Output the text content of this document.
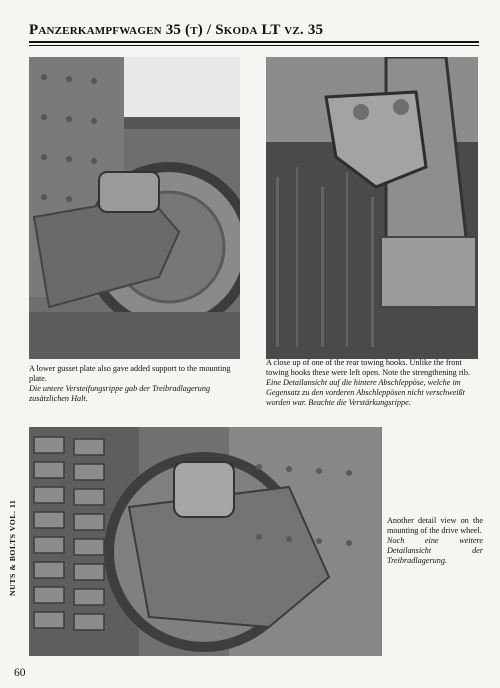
Panzerkampfwagen 35 (t) / Skoda LT vz. 35
A lower gusset plate also gave added support to the mounting plate.
Die untere Versteifungsrippe gab der Treibradlagerung zusätzlichen Halt.
A close up of one of the rear towing hooks. Unlike the front towing hooks these were left open. Note the strengthening rib.
Eine Detailansicht auf die hintere Abschleppöse, welche im Gegensatz zu den vorderen Abschleppösen nicht verschweißt worden war. Beachte die Verstärkungsrippe.
Another detail view on the mounting of the drive wheel.
Noch eine weitere Detailansicht der Treibradlagerung.
NUTS & BOLTS VOL. 11
60
